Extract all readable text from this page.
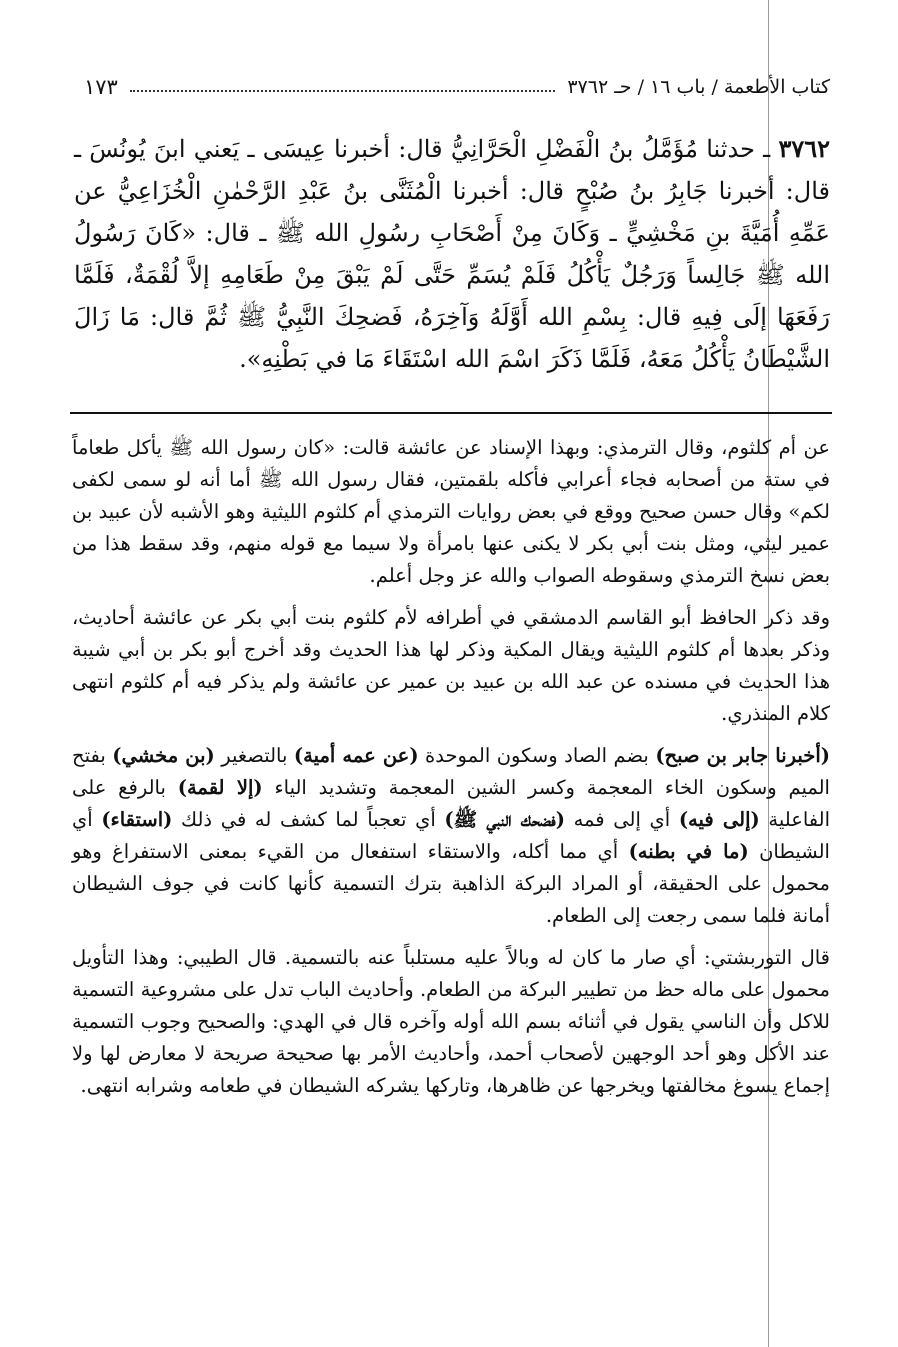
كتاب الأطعمة / باب ١٦ / حـ ٣٧٦٢
١٧٣

٣٧٦٢ ـ حدثنا مُؤَمَّلُ بنُ الْفَضْلِ الْحَرَّانِيُّ قال: أخبرنا عِيسَى ـ يَعني ابنَ يُونُسَ ـ قال: أخبرنا جَابِرُ بنُ صُبْحٍ قال: أخبرنا الْمُثَنَّى بنُ عَبْدِ الرَّحْمٰنِ الْخُزَاعِيُّ عن عَمِّهِ أُمَيَّةَ بنِ مَخْشِيٍّ ـ وَكَانَ مِنْ أَصْحَابِ رسُولِ الله ﷺ ـ قال: «كَانَ رَسُولُ الله ﷺ جَالِساً وَرَجُلٌ يَأْكُلُ فَلَمْ يُسَمِّ حَتَّى لَمْ يَبْقَ مِنْ طَعَامِهِ إلاَّ لُقْمَةٌ، فَلَمَّا رَفَعَهَا إلَى فِيهِ قال: بِسْمِ الله أَوَّلَهُ وَآخِرَهُ، فَضحِكَ النَّبِيُّ ﷺ ثُمَّ قال: مَا زَالَ الشَّيْطَانُ يَأْكُلُ مَعَهُ، فَلَمَّا ذَكَرَ اسْمَ الله اسْتَقَاءَ مَا في بَطْنِهِ».

عن أم كلثوم، وقال الترمذي: وبهذا الإسناد عن عائشة قالت: «كان رسول الله ﷺ يأكل طعاماً في ستة من أصحابه فجاء أعرابي فأكله بلقمتين، فقال رسول الله ﷺ أما أنه لو سمى لكفى لكم» وقال حسن صحيح ووقع في بعض روايات الترمذي أم كلثوم الليثية وهو الأشبه لأن عبيد بن عمير ليثي، ومثل بنت أبي بكر لا يكنى عنها بامرأة ولا سيما مع قوله منهم، وقد سقط هذا من بعض نسخ الترمذي وسقوطه الصواب والله عز وجل أعلم.

وقد ذكر الحافظ أبو القاسم الدمشقي في أطرافه لأم كلثوم بنت أبي بكر عن عائشة أحاديث، وذكر بعدها أم كلثوم الليثية ويقال المكية وذكر لها هذا الحديث وقد أخرج أبو بكر بن أبي شيبة هذا الحديث في مسنده عن عبد الله بن عبيد بن عمير عن عائشة ولم يذكر فيه أم كلثوم انتهى كلام المنذري.

(أخبرنا جابر بن صبح) بضم الصاد وسكون الموحدة (عن عمه أمية) بالتصغير (بن مخشي) بفتح الميم وسكون الخاء المعجمة وكسر الشين المعجمة وتشديد الياء (إلا لقمة) بالرفع على الفاعلية (إلى فيه) أي إلى فمه (فضحك النبي ﷺ) أي تعجباً لما كشف له في ذلك (استقاء) أي الشيطان (ما في بطنه) أي مما أكله، والاستقاء استفعال من القيء بمعنى الاستفراغ وهو محمول على الحقيقة، أو المراد البركة الذاهبة بترك التسمية كأنها كانت في جوف الشيطان أمانة فلما سمى رجعت إلى الطعام.

قال التوربشتي: أي صار ما كان له وبالاً عليه مستلباً عنه بالتسمية. قال الطيبي: وهذا التأويل محمول على ماله حظ من تطيير البركة من الطعام. وأحاديث الباب تدل على مشروعية التسمية للاكل وأن الناسي يقول في أثنائه بسم الله أوله وآخره قال في الهدي: والصحيح وجوب التسمية عند الأكل وهو أحد الوجهين لأصحاب أحمد، وأحاديث الأمر بها صحيحة صريحة لا معارض لها ولا إجماع يسوغ مخالفتها ويخرجها عن ظاهرها، وتاركها يشركه الشيطان في طعامه وشرابه انتهى.
